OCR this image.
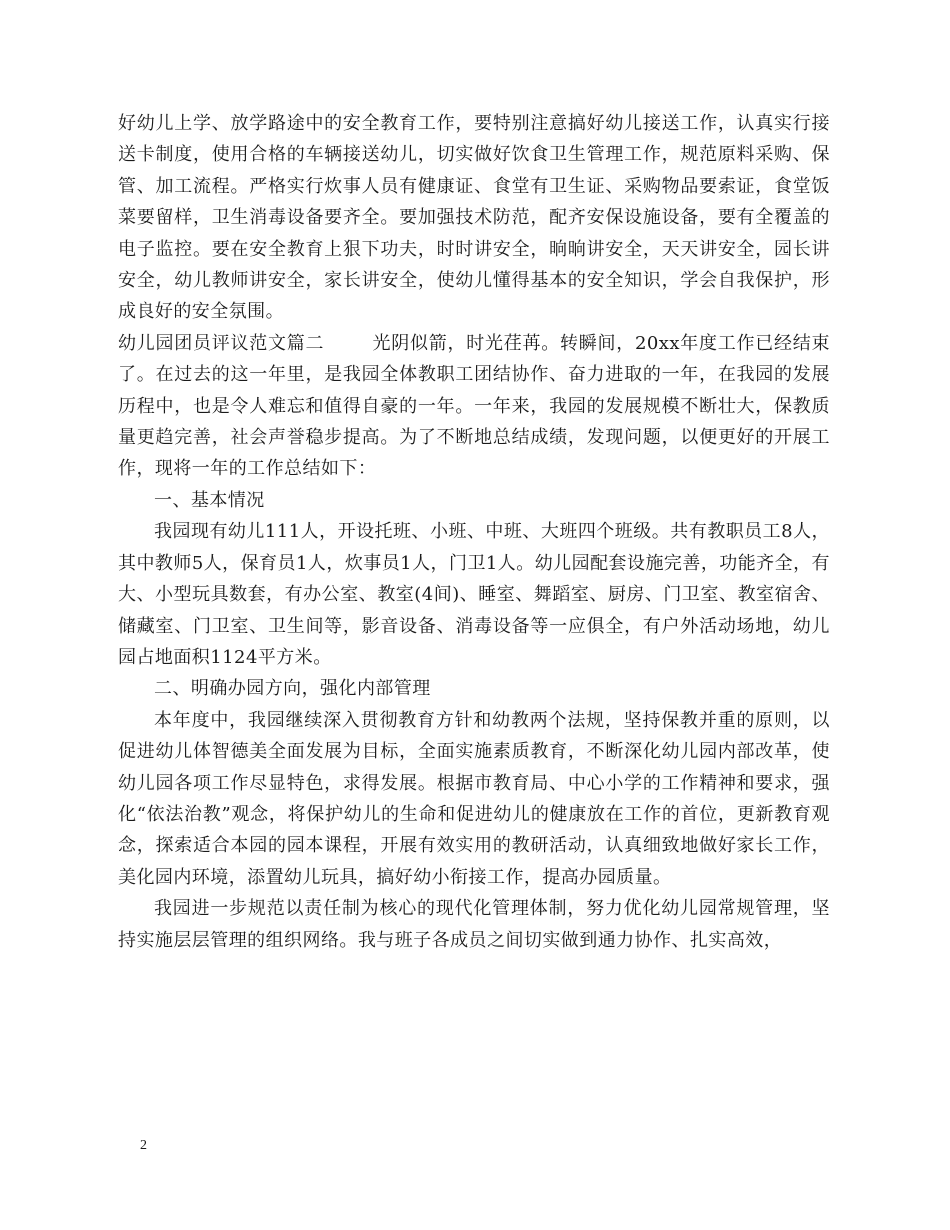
好幼儿上学、放学路途中的安全教育工作，要特别注意搞好幼儿接送工作，认真实行接送卡制度，使用合格的车辆接送幼儿，切实做好饮食卫生管理工作，规范原料采购、保管、加工流程。严格实行炊事人员有健康证、食堂有卫生证、采购物品要索证，食堂饭菜要留样，卫生消毒设备要齐全。要加强技术防范，配齐安保设施设备，要有全覆盖的电子监控。要在安全教育上狠下功夫，时时讲安全，晌晌讲安全，天天讲安全，园长讲安全，幼儿教师讲安全，家长讲安全，使幼儿懂得基本的安全知识，学会自我保护，形成良好的安全氛围。

幼儿园团员评议范文篇二	光阴似箭，时光荏苒。转瞬间，20xx年度工作已经结束了。在过去的这一年里，是我园全体教职工团结协作、奋力进取的一年，在我园的发展历程中，也是令人难忘和值得自豪的一年。一年来，我园的发展规模不断壮大，保教质量更趋完善，社会声誉稳步提高。为了不断地总结成绩，发现问题，以便更好的开展工作，现将一年的工作总结如下：

一、基本情况

我园现有幼儿111人，开设托班、小班、中班、大班四个班级。共有教职员工8人，其中教师5人，保育员1人，炊事员1人，门卫1人。幼儿园配套设施完善，功能齐全，有大、小型玩具数套，有办公室、教室(4间)、睡室、舞蹈室、厨房、门卫室、教室宿舍、储藏室、门卫室、卫生间等，影音设备、消毒设备等一应俱全，有户外活动场地，幼儿园占地面积1124平方米。

二、明确办园方向，强化内部管理

本年度中，我园继续深入贯彻教育方针和幼教两个法规，坚持保教并重的原则，以促进幼儿体智德美全面发展为目标，全面实施素质教育，不断深化幼儿园内部改革，使幼儿园各项工作尽显特色，求得发展。根据市教育局、中心小学的工作精神和要求，强化“依法治教”观念，将保护幼儿的生命和促进幼儿的健康放在工作的首位，更新教育观念，探索适合本园的园本课程，开展有效实用的教研活动，认真细致地做好家长工作，美化园内环境，添置幼儿玩具，搞好幼小衔接工作，提高办园质量。

我园进一步规范以责任制为核心的现代化管理体制，努力优化幼儿园常规管理，坚持实施层层管理的组织网络。我与班子各成员之间切实做到通力协作、扎实高效，

2
